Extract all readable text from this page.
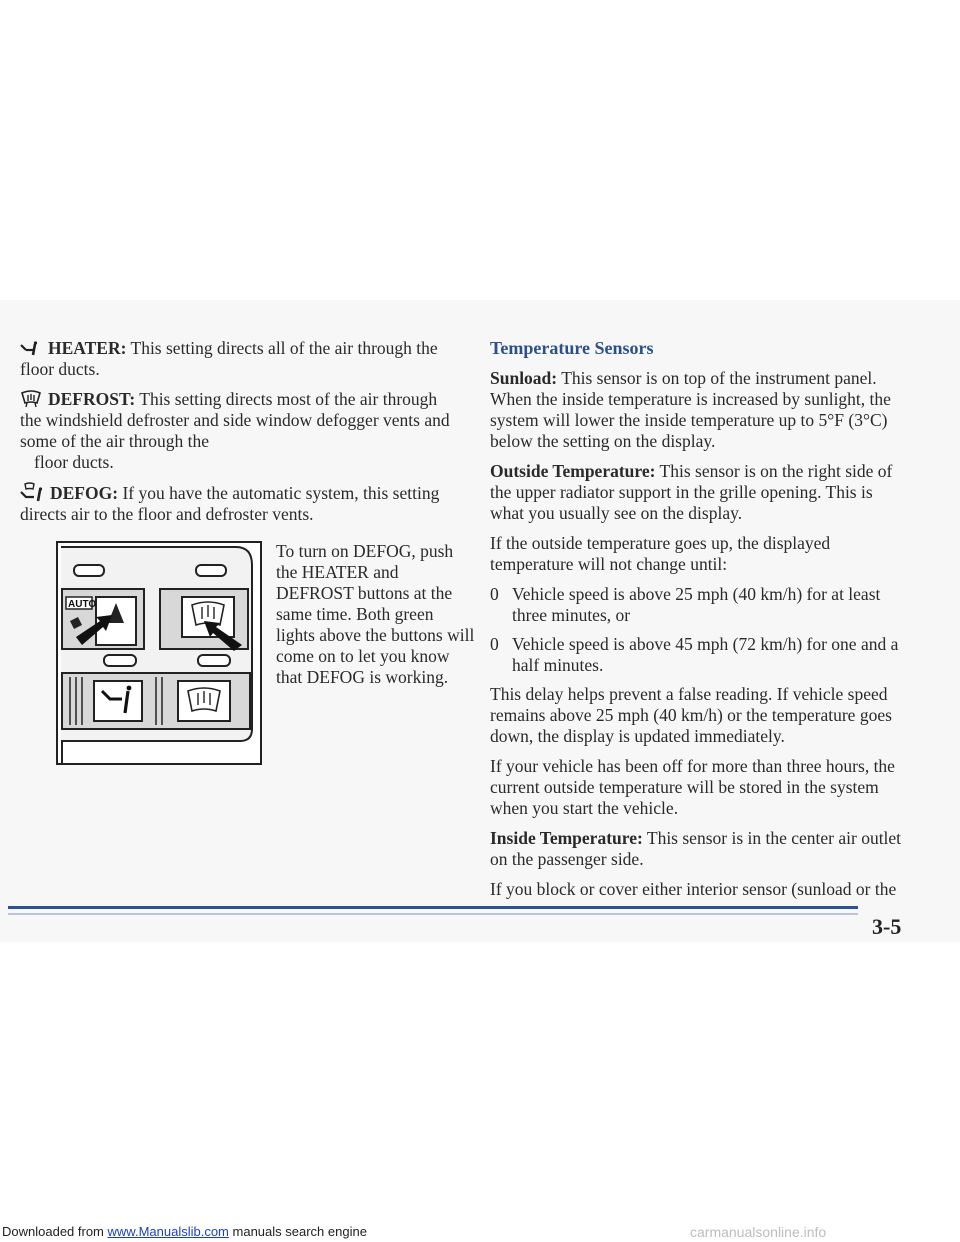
HEATER: This setting directs all of the air through the floor ducts.

DEFROST: This setting directs most of the air through the windshield defroster and side window defogger vents and some of the air through the
floor ducts.

DEFOG: If you have the automatic system, this setting directs air to the floor and defroster vents.

AUTO

To turn on DEFOG, push the HEATER and DEFROST buttons at the same time. Both green lights above the buttons will come on to let you know that DEFOG is working.

Temperature Sensors

Sunload: This sensor is on top of the instrument panel. When the inside temperature is increased by sunlight, the system will lower the inside temperature up to 5°F (3°C) below the setting on the display.

Outside Temperature: This sensor is on the right side of the upper radiator support in the grille opening. This is what you usually see on the display.

If the outside temperature goes up, the displayed temperature will not change until:

0 Vehicle speed is above 25 mph (40 km/h) for at least three minutes, or
0 Vehicle speed is above 45 mph (72 km/h) for one and a half minutes.

This delay helps prevent a false reading. If vehicle speed remains above 25 mph (40 km/h) or the temperature goes down, the display is updated immediately.

If your vehicle has been off for more than three hours, the current outside temperature will be stored in the system when you start the vehicle.

Inside Temperature: This sensor is in the center air outlet on the passenger side.

If you block or cover either interior sensor (sunload or the

3-5
Downloaded from www.Manualslib.com manuals search engine	carmanualsonline.info
